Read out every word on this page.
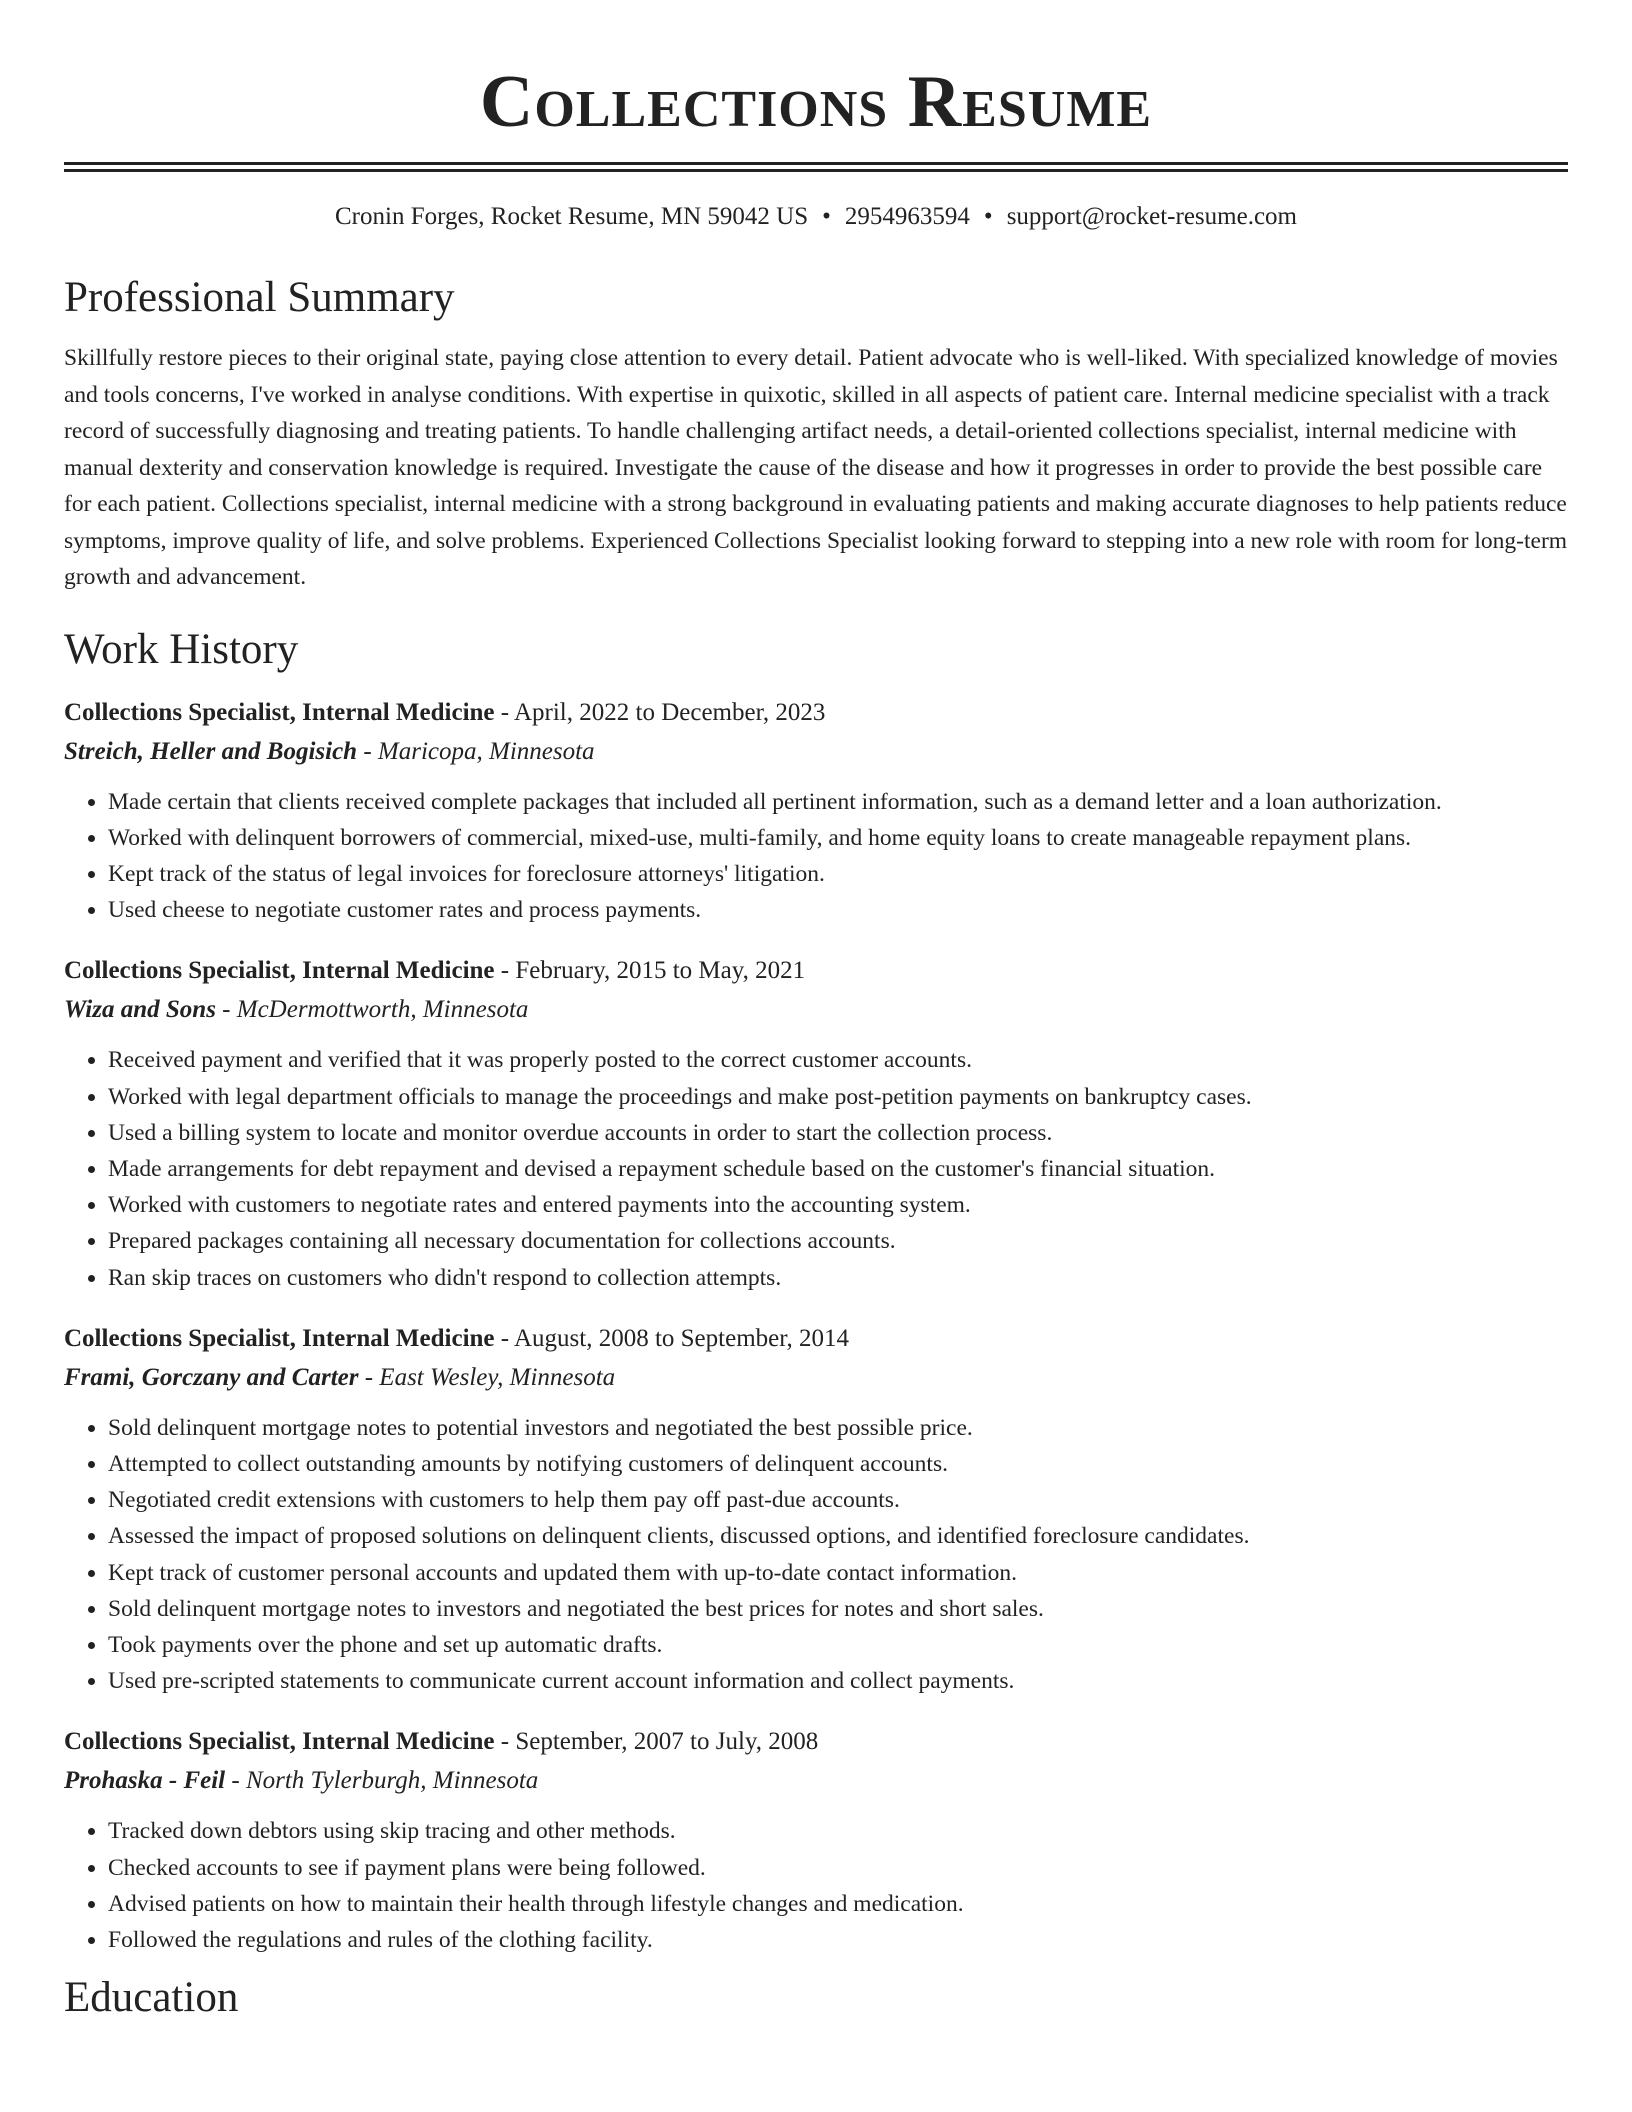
Collections Resume
Cronin Forges, Rocket Resume, MN 59042 US • 2954963594 • support@rocket-resume.com
Professional Summary

Skillfully restore pieces to their original state, paying close attention to every detail. Patient advocate who is well-liked. With specialized knowledge of movies and tools concerns, I've worked in analyse conditions. With expertise in quixotic, skilled in all aspects of patient care. Internal medicine specialist with a track record of successfully diagnosing and treating patients. To handle challenging artifact needs, a detail-oriented collections specialist, internal medicine with manual dexterity and conservation knowledge is required. Investigate the cause of the disease and how it progresses in order to provide the best possible care for each patient. Collections specialist, internal medicine with a strong background in evaluating patients and making accurate diagnoses to help patients reduce symptoms, improve quality of life, and solve problems. Experienced Collections Specialist looking forward to stepping into a new role with room for long-term growth and advancement.

Work History
Collections Specialist, Internal Medicine - April, 2022 to December, 2023
Streich, Heller and Bogisich - Maricopa, Minnesota
• Made certain that clients received complete packages that included all pertinent information, such as a demand letter and a loan authorization.
• Worked with delinquent borrowers of commercial, mixed-use, multi-family, and home equity loans to create manageable repayment plans.
• Kept track of the status of legal invoices for foreclosure attorneys' litigation.
• Used cheese to negotiate customer rates and process payments.
Collections Specialist, Internal Medicine - February, 2015 to May, 2021
Wiza and Sons - McDermottworth, Minnesota
• Received payment and verified that it was properly posted to the correct customer accounts.
• Worked with legal department officials to manage the proceedings and make post-petition payments on bankruptcy cases.
• Used a billing system to locate and monitor overdue accounts in order to start the collection process.
• Made arrangements for debt repayment and devised a repayment schedule based on the customer's financial situation.
• Worked with customers to negotiate rates and entered payments into the accounting system.
• Prepared packages containing all necessary documentation for collections accounts.
• Ran skip traces on customers who didn't respond to collection attempts.
Collections Specialist, Internal Medicine - August, 2008 to September, 2014
Frami, Gorczany and Carter - East Wesley, Minnesota
• Sold delinquent mortgage notes to potential investors and negotiated the best possible price.
• Attempted to collect outstanding amounts by notifying customers of delinquent accounts.
• Negotiated credit extensions with customers to help them pay off past-due accounts.
• Assessed the impact of proposed solutions on delinquent clients, discussed options, and identified foreclosure candidates.
• Kept track of customer personal accounts and updated them with up-to-date contact information.
• Sold delinquent mortgage notes to investors and negotiated the best prices for notes and short sales.
• Took payments over the phone and set up automatic drafts.
• Used pre-scripted statements to communicate current account information and collect payments.
Collections Specialist, Internal Medicine - September, 2007 to July, 2008
Prohaska - Feil - North Tylerburgh, Minnesota
• Tracked down debtors using skip tracing and other methods.
• Checked accounts to see if payment plans were being followed.
• Advised patients on how to maintain their health through lifestyle changes and medication.
• Followed the regulations and rules of the clothing facility.
Education
